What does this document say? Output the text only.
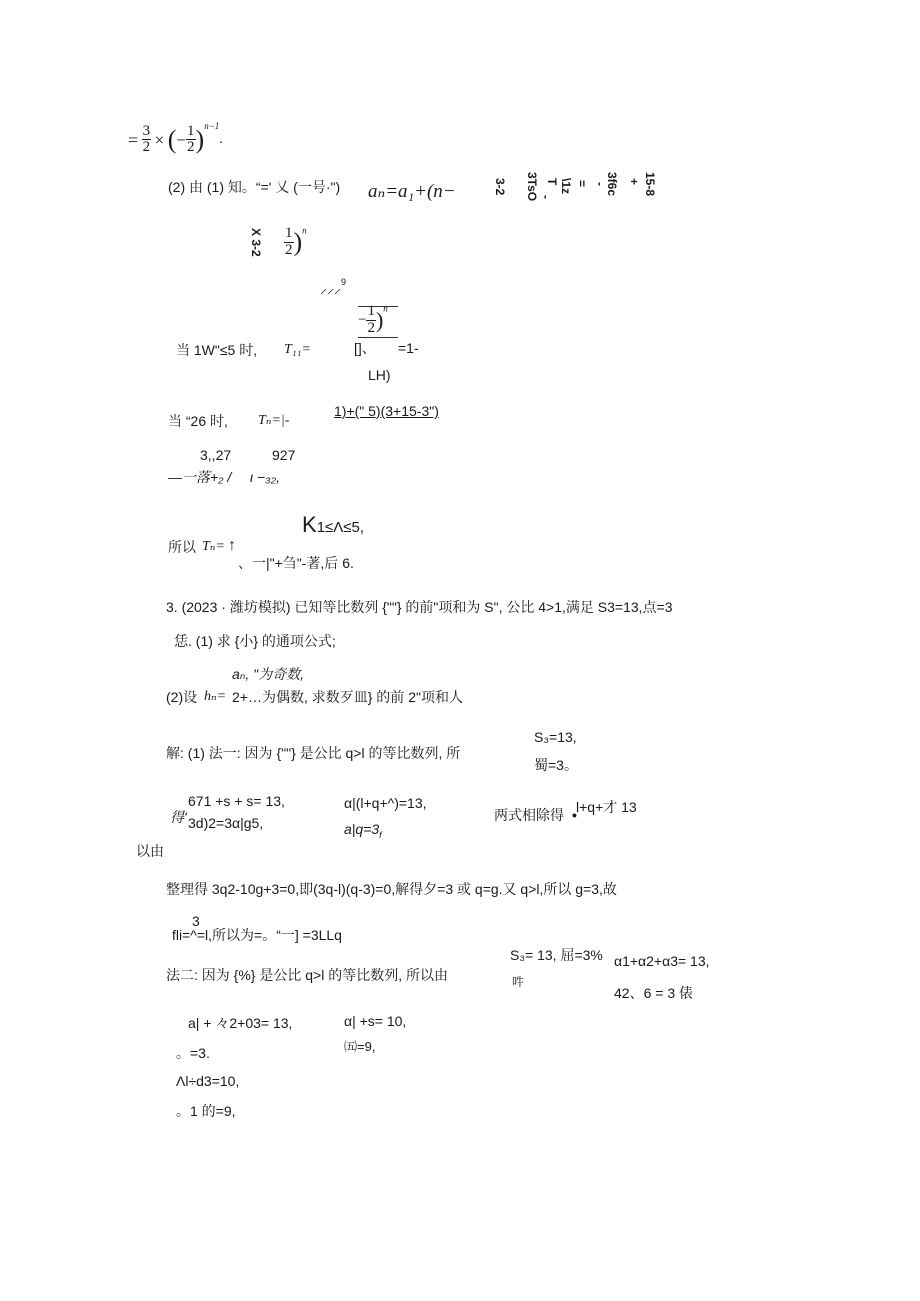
= $\frac{3}{2}$ × (− $\frac{1}{2} )^{n-1}$.
(2) 由 (1) 知。“=' 乂 (一号·") aₙ=a₁+(n−	3-2 3TsO -
T \1z = -
3f6c + 15-8
X $3-2 \frac{1}{2} )^n$
⸝⸝⸝$^9$
− $\frac{1}{2} )^n$
当 1W"≤5 时, T₁₁=	[]、 =1-
LH)
1)+(" 5)(3+15-3")
当 “26 时, Tₙ=|-
3,,27	927
—一落+₂ / ι −₃₂,
K1≤Λ≤5,
所以 Tₙ= ↑
、一|"+刍"-著,后 6.
3. (2023 · 潍坊模拟) 已知等比数列 {""} 的前"项和为 S", 公比 4>1,满足 S3=13,点=3
恁. (1) 求 {小} 的通项公式;
aₙ, "为奇数,
(2)设 hₙ= 2+…为偶数, 求数歹皿} 的前 2"项和人
解: (1) 法一: 因为 {""} 是公比 q>l 的等比数列, 所
S₃=13,
蜀=3。
671 +s + s= 13,
得' 3d)2=3α|g5,
α|(l+q+^)=13,
$a|q=3_f$
两式相除得 • l+q+才 13
以由
整理得 3q2-10g+3=0,即(3q-l)(q-3)=0,解得夕=3 或 q=g.又 q>l,所以 g=3,故
3
fli=^=l,所以为=。“一] =3LLq
法二: 因为 {%} 是公比 q>l 的等比数列, 所以由
S₃= 13, 屈=3%
吽
α1+α2+α3= 13,
42、6 = 3 俵
a| + 々2+03= 13,
。=3.
Λl÷d3=10,
。1 的=9,
α| +s= 10,
㈤=9,
